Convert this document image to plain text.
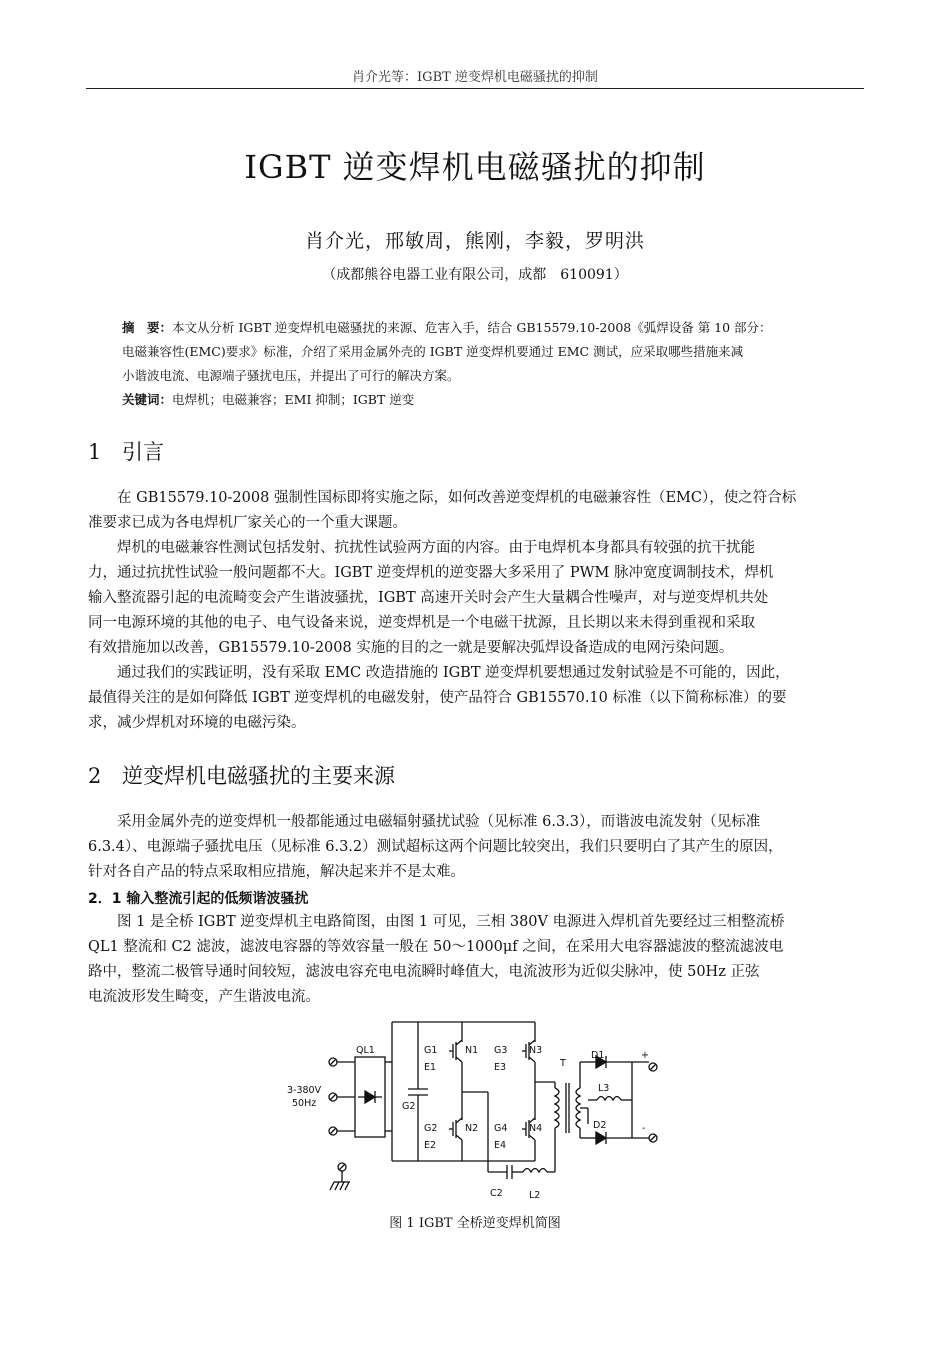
肖介光等：IGBT 逆变焊机电磁骚扰的抑制
IGBT 逆变焊机电磁骚扰的抑制
肖介光，邢敏周，熊刚，李毅，罗明洪
（成都熊谷电器工业有限公司，成都　610091）
摘　要：本文从分析 IGBT 逆变焊机电磁骚扰的来源、危害入手，结合 GB15579.10-2008《弧焊设备 第 10 部分：
电磁兼容性(EMC)要求》标准，介绍了采用金属外壳的 IGBT 逆变焊机要通过 EMC 测试，应采取哪些措施来减
小谐波电流、电源端子骚扰电压，并提出了可行的解决方案。
关键词：电焊机；电磁兼容；EMI 抑制；IGBT 逆变
1 引言
在 GB15579.10-2008 强制性国标即将实施之际，如何改善逆变焊机的电磁兼容性（EMC），使之符合标
准要求已成为各电焊机厂家关心的一个重大课题。
焊机的电磁兼容性测试包括发射、抗扰性试验两方面的内容。由于电焊机本身都具有较强的抗干扰能
力，通过抗扰性试验一般问题都不大。IGBT 逆变焊机的逆变器大多采用了 PWM 脉冲宽度调制技术，焊机
输入整流器引起的电流畸变会产生谐波骚扰，IGBT 高速开关时会产生大量耦合性噪声，对与逆变焊机共处
同一电源环境的其他的电子、电气设备来说，逆变焊机是一个电磁干扰源，且长期以来未得到重视和采取
有效措施加以改善，GB15579.10-2008 实施的目的之一就是要解决弧焊设备造成的电网污染问题。
通过我们的实践证明，没有采取 EMC 改造措施的 IGBT 逆变焊机要想通过发射试验是不可能的，因此，
最值得关注的是如何降低 IGBT 逆变焊机的电磁发射，使产品符合 GB15570.10 标准（以下简称标准）的要
求，减少焊机对环境的电磁污染。
2 逆变焊机电磁骚扰的主要来源
采用金属外壳的逆变焊机一般都能通过电磁辐射骚扰试验（见标准 6.3.3），而谐波电流发射（见标准
6.3.4）、电源端子骚扰电压（见标准 6.3.2）测试超标这两个问题比较突出，我们只要明白了其产生的原因，
针对各自产品的特点采取相应措施，解决起来并不是太难。
2．1 输入整流引起的低频谐波骚扰
图 1 是全桥 IGBT 逆变焊机主电路简图，由图 1 可见，三相 380V 电源进入焊机首先要经过三相整流桥
QL1 整流和 C2 滤波，滤波电容器的等效容量一般在 50～1000μf 之间，在采用大电容器滤波的整流滤波电
路中，整流二极管导通时间较短，滤波电容充电电流瞬时峰值大，电流波形为近似尖脉冲，使 50Hz 正弦
电流波形发生畸变，产生谐波电流。
QL1
3-380V
50Hz
G1
E1
N1 G3
E3
N3
G2
E2
N2 G4
E4
N4
G2
T
D1
D2
L3
C2	L2
+
-
图 1 IGBT 全桥逆变焊机简图
